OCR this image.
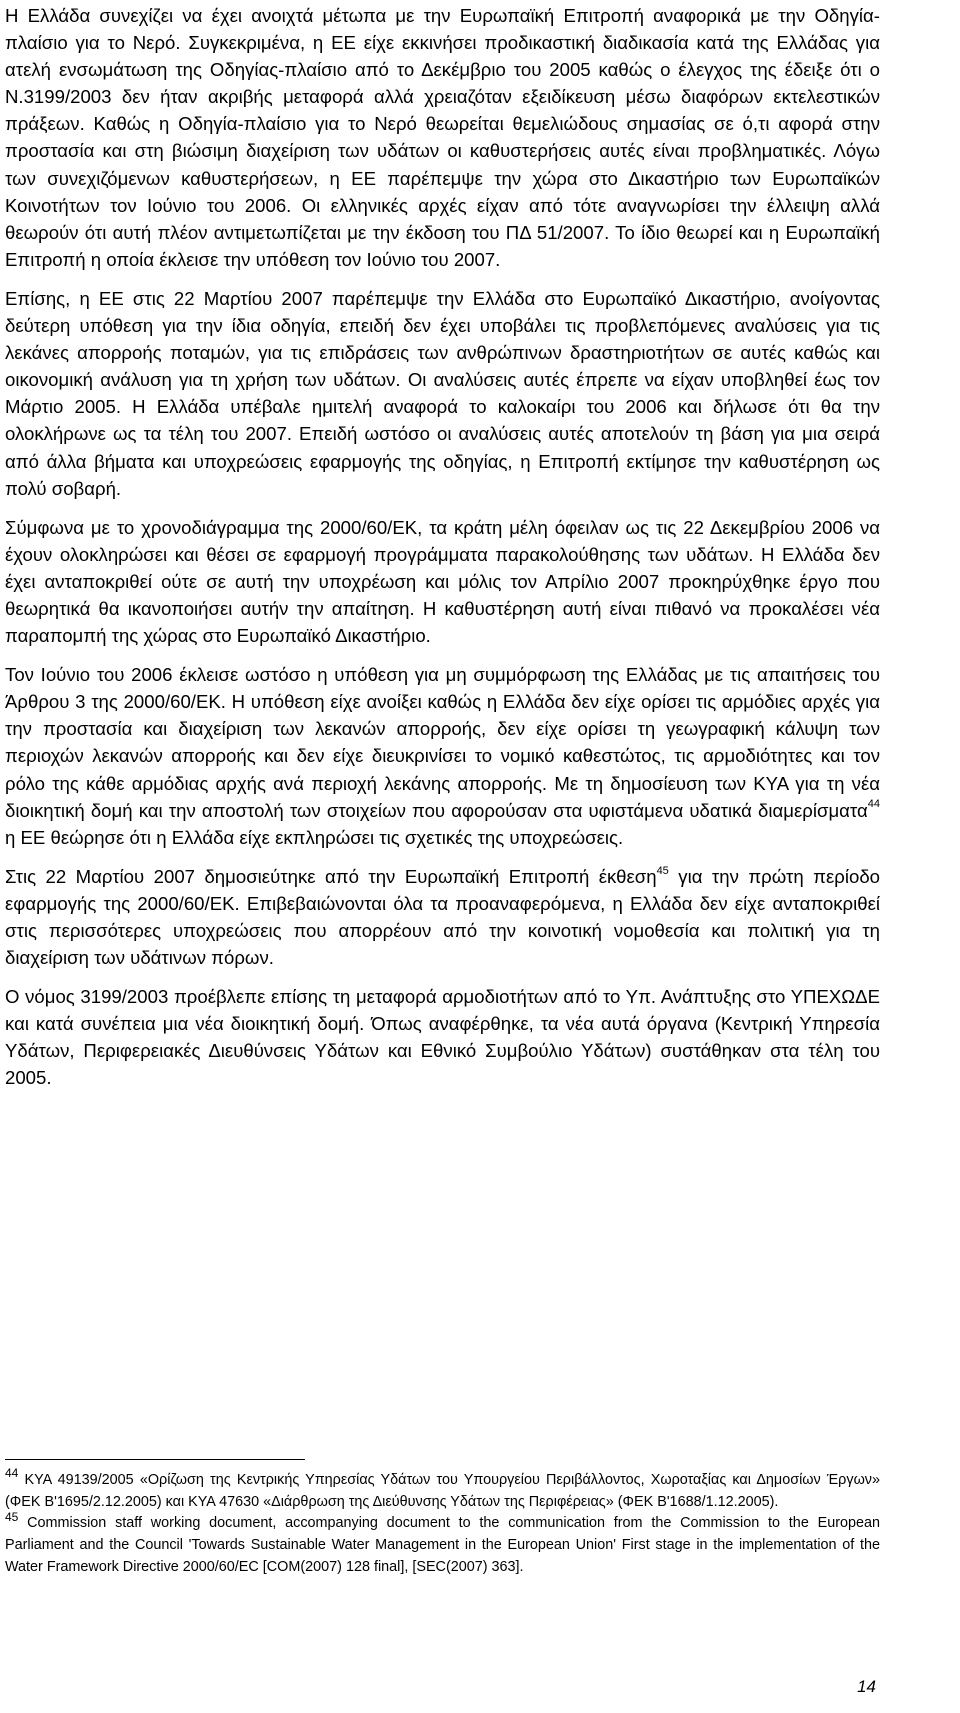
Η Ελλάδα συνεχίζει να έχει ανοιχτά μέτωπα με την Ευρωπαϊκή Επιτροπή αναφορικά με την Οδηγία-πλαίσιο για το Νερό. Συγκεκριμένα, η ΕΕ είχε εκκινήσει προδικαστική διαδικασία κατά της Ελλάδας για ατελή ενσωμάτωση της Οδηγίας-πλαίσιο από το Δεκέμβριο του 2005 καθώς ο έλεγχος της έδειξε ότι ο Ν.3199/2003 δεν ήταν ακριβής μεταφορά αλλά χρειαζόταν εξειδίκευση μέσω διαφόρων εκτελεστικών πράξεων. Καθώς η Οδηγία-πλαίσιο για το Νερό θεωρείται θεμελιώδους σημασίας σε ό,τι αφορά στην προστασία και στη βιώσιμη διαχείριση των υδάτων οι καθυστερήσεις αυτές είναι προβληματικές. Λόγω των συνεχιζόμενων καθυστερήσεων, η ΕΕ παρέπεμψε την χώρα στο Δικαστήριο των Ευρωπαϊκών Κοινοτήτων τον Ιούνιο του 2006. Οι ελληνικές αρχές είχαν από τότε αναγνωρίσει την έλλειψη αλλά θεωρούν ότι αυτή πλέον αντιμετωπίζεται με την έκδοση του ΠΔ 51/2007. Το ίδιο θεωρεί και η Ευρωπαϊκή Επιτροπή η οποία έκλεισε την υπόθεση τον Ιούνιο του 2007.

Επίσης, η ΕΕ στις 22 Μαρτίου 2007 παρέπεμψε την Ελλάδα στο Ευρωπαϊκό Δικαστήριο, ανοίγοντας δεύτερη υπόθεση για την ίδια οδηγία, επειδή δεν έχει υποβάλει τις προβλεπόμενες αναλύσεις για τις λεκάνες απορροής ποταμών, για τις επιδράσεις των ανθρώπινων δραστηριοτήτων σε αυτές καθώς και οικονομική ανάλυση για τη χρήση των υδάτων. Οι αναλύσεις αυτές έπρεπε να είχαν υποβληθεί έως τον Μάρτιο 2005. Η Ελλάδα υπέβαλε ημιτελή αναφορά το καλοκαίρι του 2006 και δήλωσε ότι θα την ολοκλήρωνε ως τα τέλη του 2007. Επειδή ωστόσο οι αναλύσεις αυτές αποτελούν τη βάση για μια σειρά από άλλα βήματα και υποχρεώσεις εφαρμογής της οδηγίας, η Επιτροπή εκτίμησε την καθυστέρηση ως πολύ σοβαρή.

Σύμφωνα με το χρονοδιάγραμμα της 2000/60/ΕΚ, τα κράτη μέλη όφειλαν ως τις 22 Δεκεμβρίου 2006 να έχουν ολοκληρώσει και θέσει σε εφαρμογή προγράμματα παρακολούθησης των υδάτων. Η Ελλάδα δεν έχει ανταποκριθεί ούτε σε αυτή την υποχρέωση και μόλις τον Απρίλιο 2007 προκηρύχθηκε έργο που θεωρητικά θα ικανοποιήσει αυτήν την απαίτηση. Η καθυστέρηση αυτή είναι πιθανό να προκαλέσει νέα παραπομπή της χώρας στο Ευρωπαϊκό Δικαστήριο.

Τον Ιούνιο του 2006 έκλεισε ωστόσο η υπόθεση για μη συμμόρφωση της Ελλάδας με τις απαιτήσεις του Άρθρου 3 της 2000/60/ΕΚ. Η υπόθεση είχε ανοίξει καθώς η Ελλάδα δεν είχε ορίσει τις αρμόδιες αρχές για την προστασία και διαχείριση των λεκανών απορροής, δεν είχε ορίσει τη γεωγραφική κάλυψη των περιοχών λεκανών απορροής και δεν είχε διευκρινίσει το νομικό καθεστώτος, τις αρμοδιότητες και τον ρόλο της κάθε αρμόδιας αρχής ανά περιοχή λεκάνης απορροής. Με τη δημοσίευση των ΚΥΑ για τη νέα διοικητική δομή και την αποστολή των στοιχείων που αφορούσαν στα υφιστάμενα υδατικά διαμερίσματα$^{44}$ η ΕΕ θεώρησε ότι η Ελλάδα είχε εκπληρώσει τις σχετικές της υποχρεώσεις.

Στις 22 Μαρτίου 2007 δημοσιεύτηκε από την Ευρωπαϊκή Επιτροπή έκθεση$^{45}$ για την πρώτη περίοδο εφαρμογής της 2000/60/ΕΚ. Επιβεβαιώνονται όλα τα προαναφερόμενα, η Ελλάδα δεν είχε ανταποκριθεί στις περισσότερες υποχρεώσεις που απορρέουν από την κοινοτική νομοθεσία και πολιτική για τη διαχείριση των υδάτινων πόρων.

Ο νόμος 3199/2003 προέβλεπε επίσης τη μεταφορά αρμοδιοτήτων από το Υπ. Ανάπτυξης στο ΥΠΕΧΩΔΕ και κατά συνέπεια μια νέα διοικητική δομή. Όπως αναφέρθηκε, τα νέα αυτά όργανα (Κεντρική Υπηρεσία Υδάτων, Περιφερειακές Διευθύνσεις Υδάτων και Εθνικό Συμβούλιο Υδάτων) συστάθηκαν στα τέλη του 2005.

$^{44}$ ΚΥΑ 49139/2005 «Ορίζωση της Κεντρικής Υπηρεσίας Υδάτων του Υπουργείου Περιβάλλοντος, Χωροταξίας και Δημοσίων Έργων» (ΦΕΚ Β'1695/2.12.2005) και ΚΥΑ 47630 «Διάρθρωση της Διεύθυνσης Υδάτων της Περιφέρειας» (ΦΕΚ Β'1688/1.12.2005).

$^{45}$ Commission staff working document, accompanying document to the communication from the Commission to the European Parliament and the Council 'Towards Sustainable Water Management in the European Union' First stage in the implementation of the Water Framework Directive 2000/60/EC [COM(2007) 128 final], [SEC(2007) 363].

14
